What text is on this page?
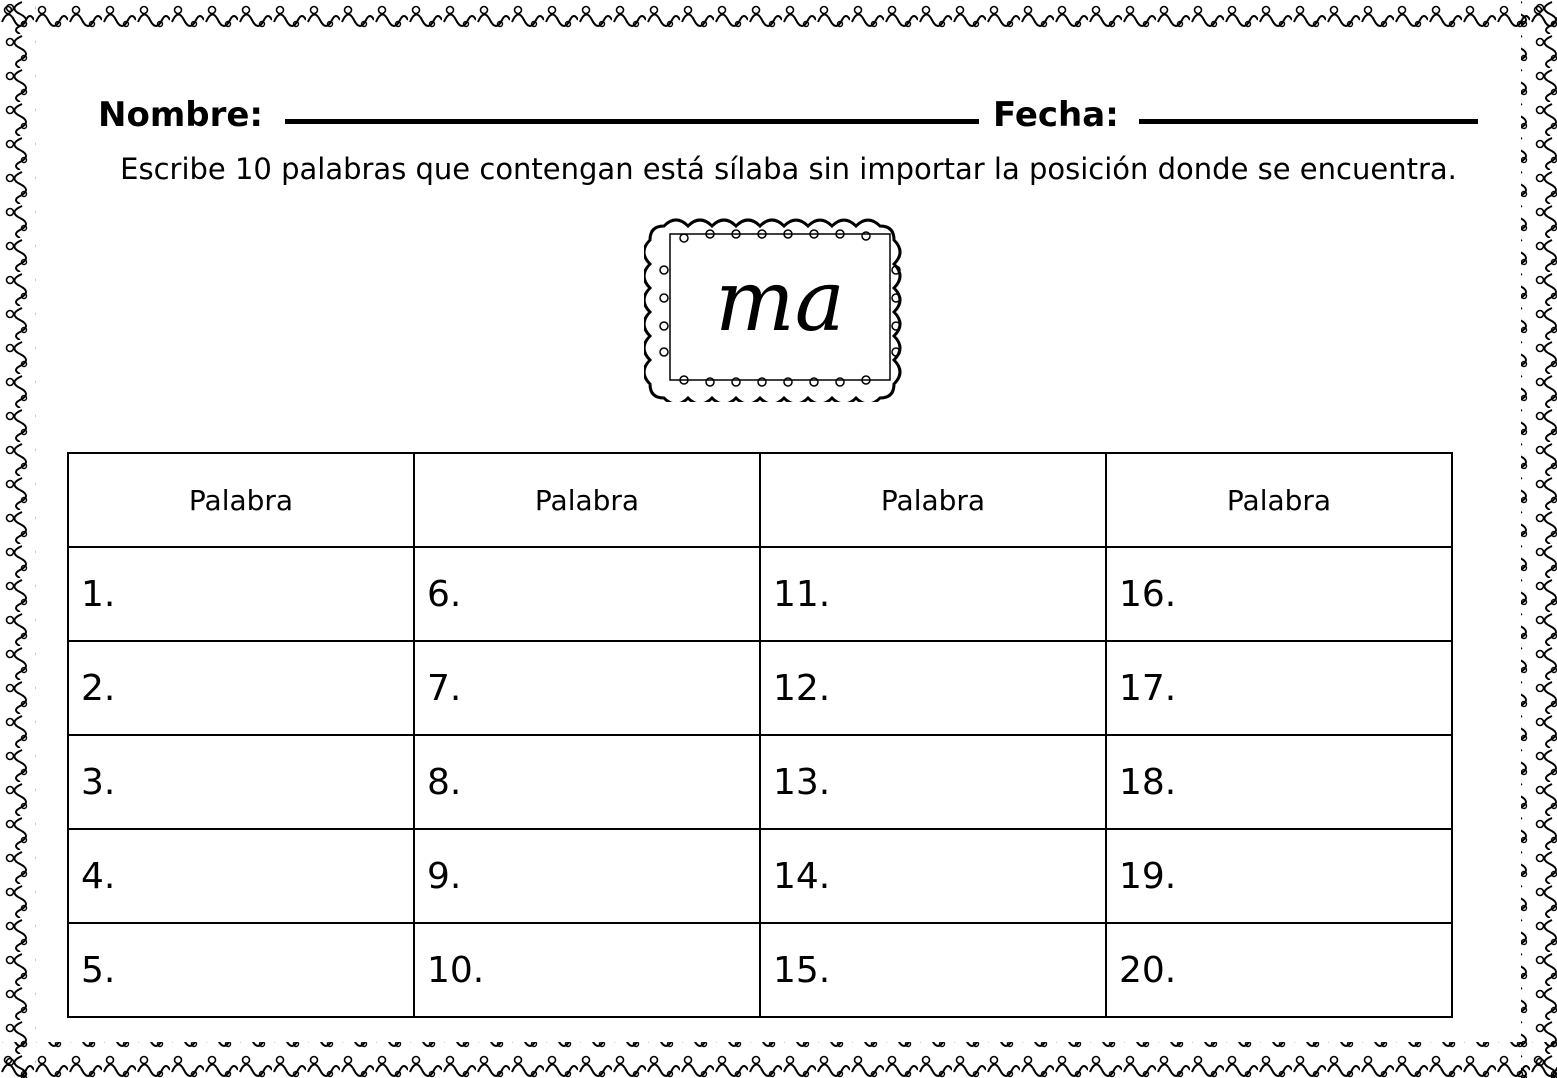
Nombre:	Fecha:
Escribe 10 palabras que contengan está sílaba sin importar la posición donde se encuentra.
ma
Palabra	Palabra	Palabra	Palabra
1.	6.	11.	16.
2.	7.	12.	17.
3.	8.	13.	18.
4.	9.	14.	19.
5.	10.	15.	20.
